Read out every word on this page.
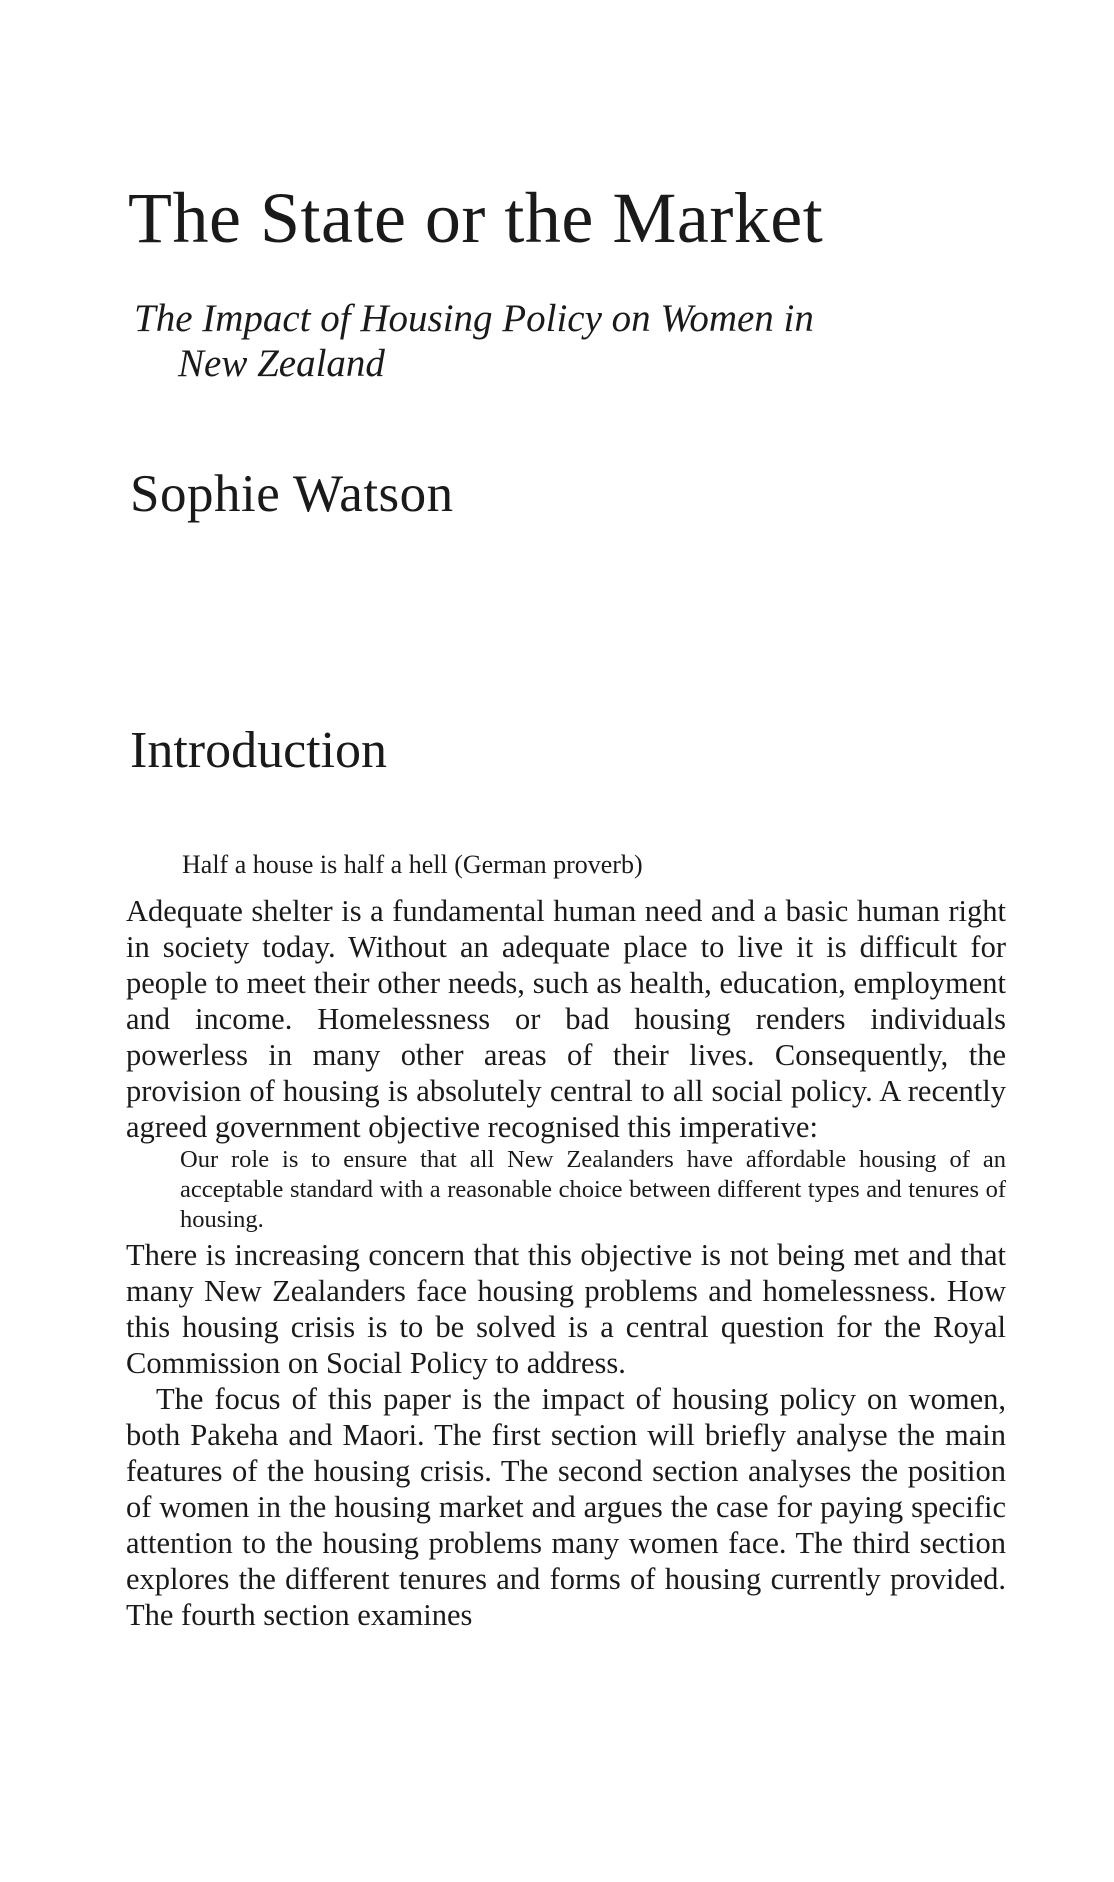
The State or the Market
The Impact of Housing Policy on Women in
New Zealand
Sophie Watson
Introduction
Half a house is half a hell (German proverb)

Adequate shelter is a fundamental human need and a basic human right in society today. Without an adequate place to live it is difficult for people to meet their other needs, such as health, education, employment and income. Homelessness or bad housing renders individuals powerless in many other areas of their lives. Consequently, the provision of housing is absolutely central to all social policy. A recently agreed government objective recognised this imperative:

Our role is to ensure that all New Zealanders have affordable housing of an acceptable standard with a reasonable choice between different types and tenures of housing.

There is increasing concern that this objective is not being met and that many New Zealanders face housing problems and homelessness. How this housing crisis is to be solved is a central question for the Royal Commission on Social Policy to address.

The focus of this paper is the impact of housing policy on women, both Pakeha and Maori. The first section will briefly analyse the main features of the housing crisis. The second section analyses the position of women in the housing market and argues the case for paying specific attention to the housing problems many women face. The third section explores the different tenures and forms of housing currently provided. The fourth section examines
